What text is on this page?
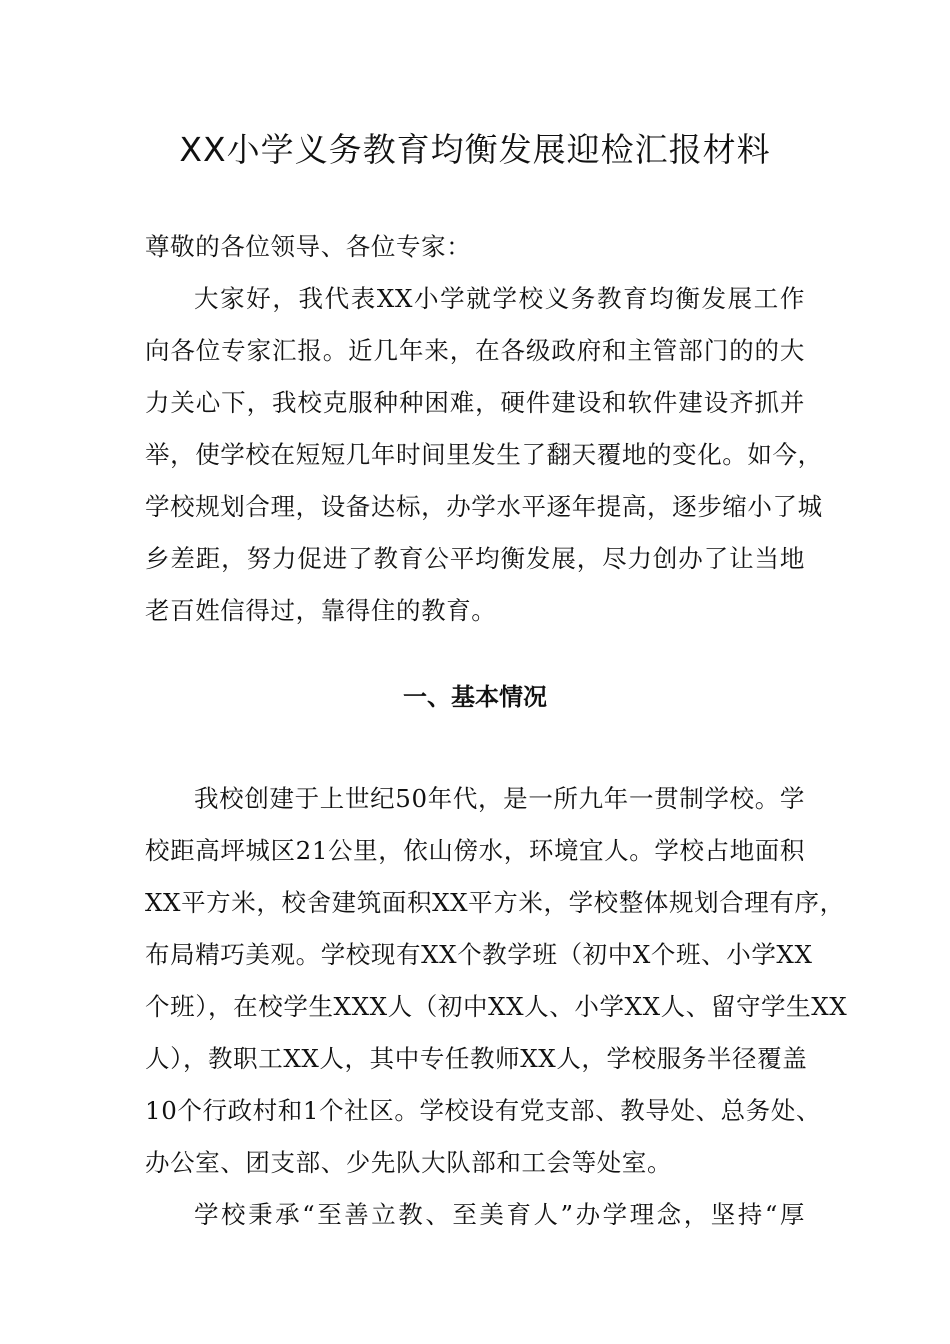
XX小学义务教育均衡发展迎检汇报材料

尊敬的各位领导、各位专家：

大家好，我代表XX小学就学校义务教育均衡发展工作

向各位专家汇报。近几年来，在各级政府和主管部门的的大

力关心下，我校克服种种困难，硬件建设和软件建设齐抓并

举，使学校在短短几年时间里发生了翻天覆地的变化。如今，

学校规划合理，设备达标，办学水平逐年提高，逐步缩小了城

乡差距，努力促进了教育公平均衡发展，尽力创办了让当地

老百姓信得过，靠得住的教育。

一、基本情况

我校创建于上世纪50年代，是一所九年一贯制学校。学

校距高坪城区21公里，依山傍水，环境宜人。学校占地面积

XX平方米，校舍建筑面积XX平方米，学校整体规划合理有序，

布局精巧美观。学校现有XX个教学班（初中X个班、小学XX

个班），在校学生XXX人（初中XX人、小学XX人、留守学生XX

人），教职工XX人，其中专任教师XX人，学校服务半径覆盖

10个行政村和1个社区。学校设有党支部、教导处、总务处、

办公室、团支部、少先队大队部和工会等处室。

学校秉承“至善立教、至美育人”办学理念，坚持“厚
